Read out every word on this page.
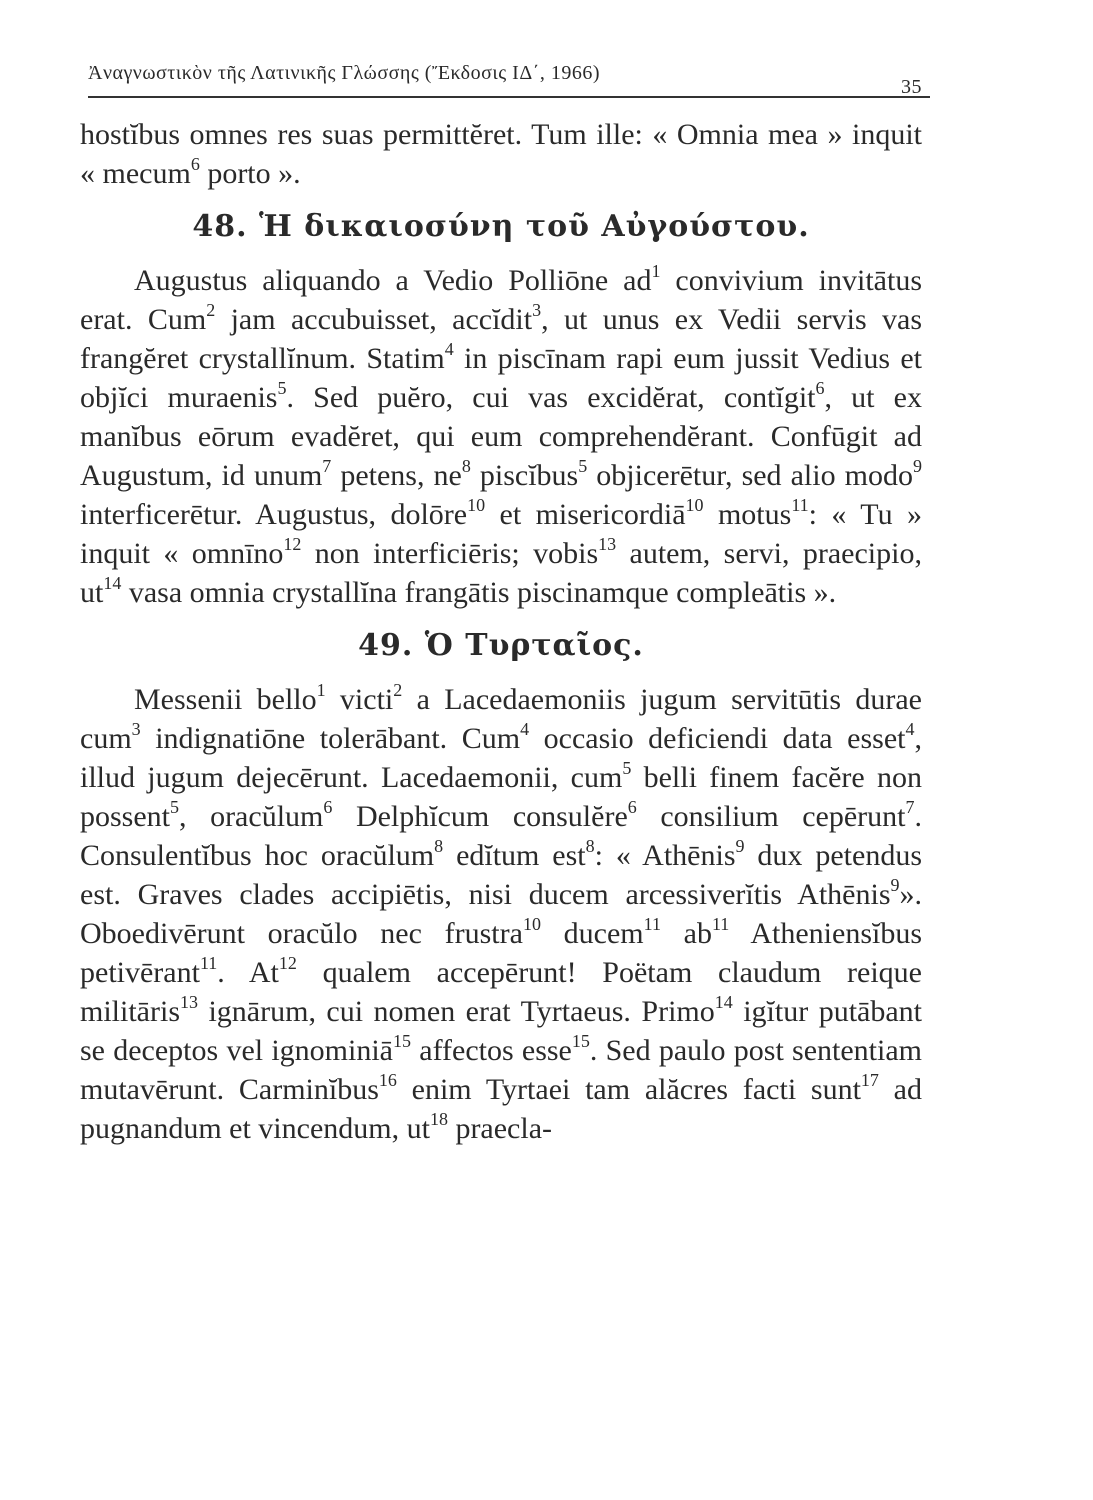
Ἀναγνωστικὸν τῆς Λατινικῆς Γλώσσης (Ἔκδοσις ΙΔ΄, 1966)
35

hostĭbus omnes res suas permittĕret. Tum ille: « Omnia mea » inquit « mecum$^6$ porto ».

48. Ἡ δικαιοσύνη τοῦ Αὐγούστου.

Augustus aliquando a Vedio Polliōne $ad^1$ convivium invitātus erat. Cum$^2$ jam accubuisset, accĭdit$^3$, ut unus ex Vedii servis vas frangĕret crystallĭnum. Statim$^4$ in piscīnam rapi eum jussit Vedius et objĭci muraenis$^5$. Sed puĕro, cui vas excidĕrat, contĭgit$^6$, ut ex manĭbus eōrum evadĕret, qui eum comprehendĕrant. Confūgit ad Augustum, id unum$^7$ petens, $ne^8$ piscĭbus$^5$ objicerētur, sed alio modo$^9$ interficerētur. Augustus, dolōre$^{10}$ et misericordiā$^{10}$ motus$^{11}$: « Tu » inquit « omnīno$^{12}$ non interficiēris; vobis$^{13}$ autem, servi, praecipio, $ut^{14}$ vasa omnia crystallĭna frangātis piscinamque compleātis ».

49. Ὁ Τυρταῖος.

Messenii bello$^1$ victi$^2$ a Lacedaemoniis jugum servitūtis durae cum$^3$ indignatiōne tolerābant. Cum$^4$ occasio deficiendi data esset$^4$, illud jugum dejecērunt. Lacedaemonii, cum$^5$ belli finem facĕre non possent$^5$, oracŭlum$^6$ Delphĭcum consulĕre$^6$ consilium cepērunt$^7$. Consulentĭbus hoc oracŭlum$^8$ edĭtum est$^8$: « Athēnis$^9$ dux petendus est. Graves clades accipiētis, nisi ducem arcessiverĭtis Athēnis$^9$». Oboedivērunt oracŭlo nec frustra$^{10}$ ducem$^{11}$ $ab^{11}$ Atheniensĭbus petivērant$^{11}$. At$^{12}$ qualem accepērunt! Poëtam claudum reique militāris$^{13}$ ignārum, cui nomen erat Tyrtaeus. Primo$^{14}$ igĭtur putābant se deceptos vel ignominiā$^{15}$ affectos esse$^{15}$. Sed paulo post sententiam mutavērunt. Carminĭbus$^{16}$ enim Tyrtaei tam alăcres facti sunt$^{17}$ ad pugnandum et vincendum, $ut^{18}$ praecla-
